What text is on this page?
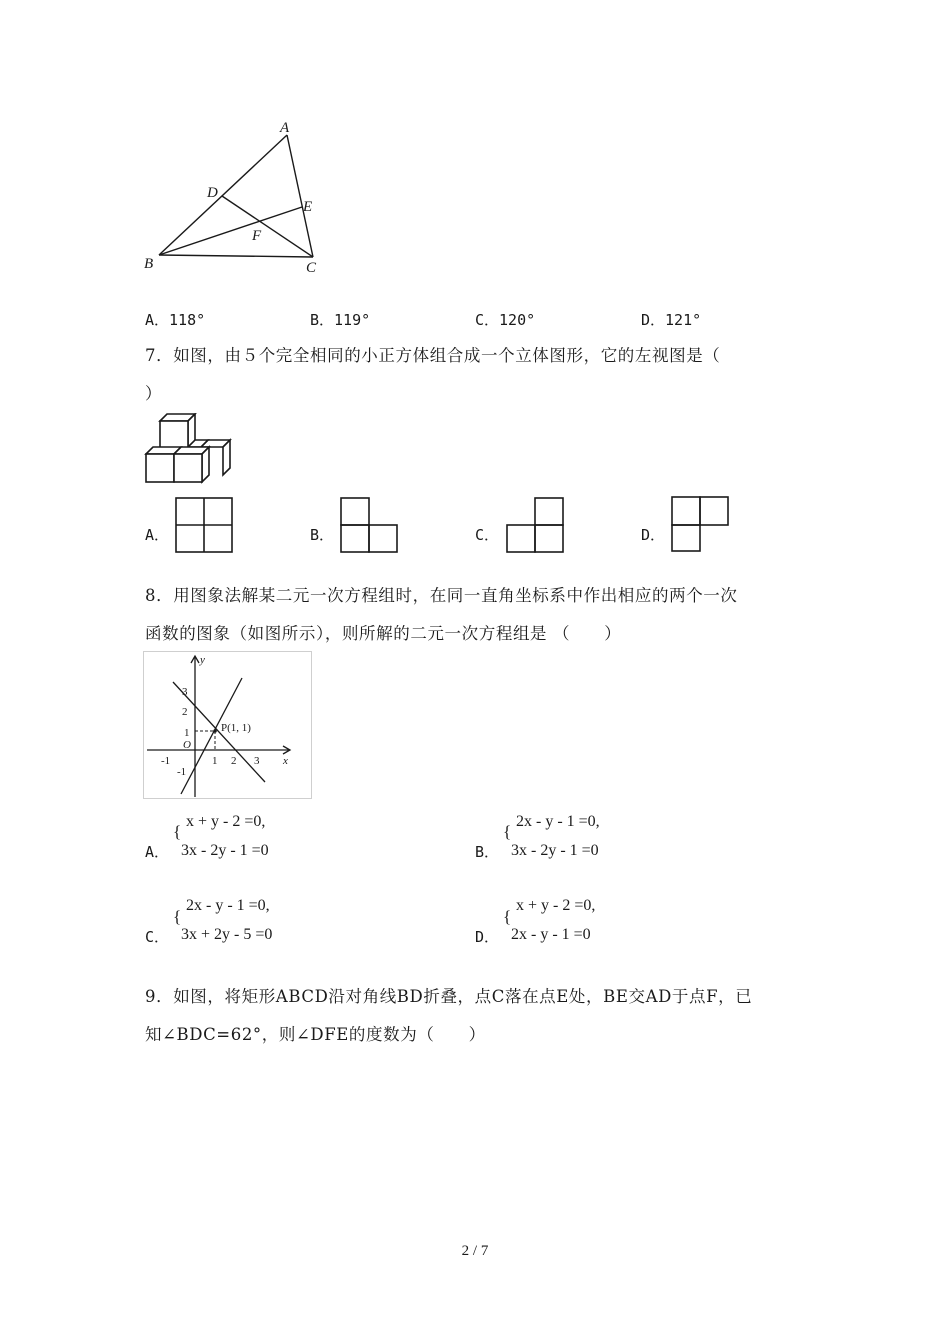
A
D
E
F
B	C
A．118°	B．119°	C．120°	D．121°
7．如图，由５个完全相同的小正方体组合成一个立体图形，它的左视图是（
）
A．	B．	C．	D．
8．用图象法解某二元一次方程组时，在同一直角坐标系中作出相应的两个一次
函数的图象（如图所示），则所解的二元一次方程组是 （　　）
y
x
O
P(1, 1)
-1	1 2 3
3
2
1
-1
A．
{
x + y - 2 =0,
3x - 2y - 1 =0	B．
{
2x - y - 1 =0,
3x - 2y - 1 =0
C．
{
2x - y - 1 =0,
3x + 2y - 5 =0	D．
{
x + y - 2 =0,
2x - y - 1 =0
9．如图，将矩形ABCD沿对角线BD折叠，点C落在点E处，BE交AD于点F，已
知∠BDC=62°，则∠DFE的度数为（　　）
2 / 7
